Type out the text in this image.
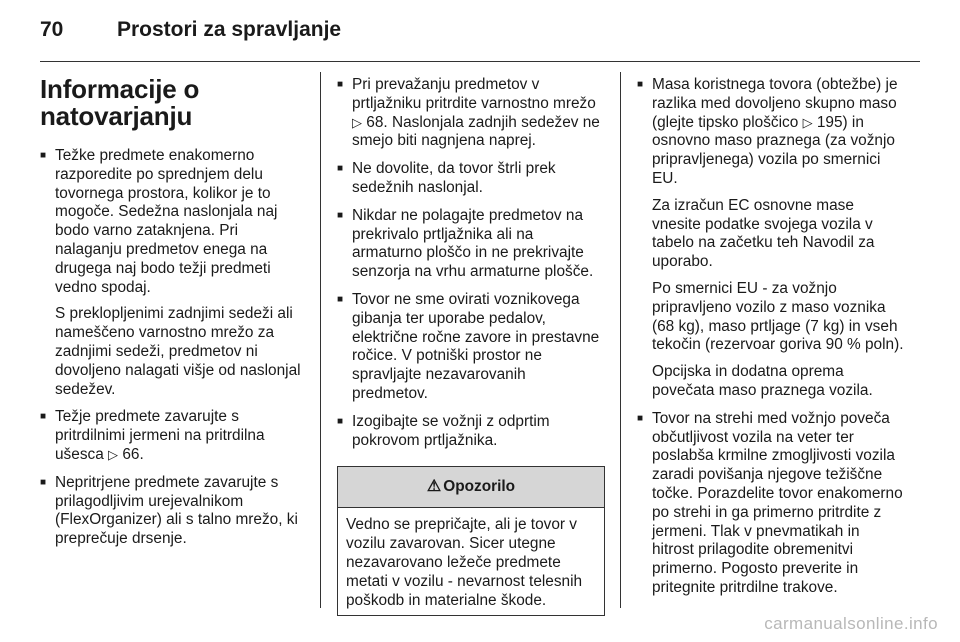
70	Prostori za spravljanje
Informacije o
natovarjanju

■ Težke predmete enakomerno razporedite po sprednjem delu tovornega prostora, kolikor je to mogoče. Sedežna naslonjala naj bodo varno zataknjena. Pri nalaganju predmetov enega na drugega naj bodo težji predmeti vedno spodaj.

S preklopljenimi zadnjimi sedeži ali nameščeno varnostno mrežo za zadnjimi sedeži, predmetov ni dovoljeno nalagati višje od naslonjal sedežev.

■ Težje predmete zavarujte s pritrdilnimi jermeni na pritrdilna ušesca ▷ 66.

■ Nepritrjene predmete zavarujte s prilagodljivim urejevalnikom (FlexOrganizer) ali s talno mrežo, ki preprečuje drsenje.

■ Pri prevažanju predmetov v prtljažniku pritrdite varnostno mrežo ▷ 68. Naslonjala zadnjih sedežev ne smejo biti nagnjena naprej.

■ Ne dovolite, da tovor štrli prek sedežnih naslonjal.

■ Nikdar ne polagajte predmetov na prekrivalo prtljažnika ali na armaturno ploščo in ne prekrivajte senzorja na vrhu armaturne plošče.

■ Tovor ne sme ovirati voznikovega gibanja ter uporabe pedalov, električne ročne zavore in prestavne ročice. V potniški prostor ne spravljajte nezavarovanih predmetov.

■ Izogibajte se vožnji z odprtim pokrovom prtljažnika.

⚠ Opozorilo
Vedno se prepričajte, ali je tovor v vozilu zavarovan. Sicer utegne nezavarovano ležeče predmete metati v vozilu - nevarnost telesnih poškodb in materialne škode.

■ Masa koristnega tovora (obtežbe) je razlika med dovoljeno skupno maso (glejte tipsko ploščico ▷ 195) in osnovno maso praznega (za vožnjo pripravljenega) vozila po smernici EU.

Za izračun EC osnovne mase vnesite podatke svojega vozila v tabelo na začetku teh Navodil za uporabo.

Po smernici EU - za vožnjo pripravljeno vozilo z maso voznika (68 kg), maso prtljage (7 kg) in vseh tekočin (rezervoar goriva 90 % poln).

Opcijska in dodatna oprema povečata maso praznega vozila.

■ Tovor na strehi med vožnjo poveča občutljivost vozila na veter ter poslabša krmilne zmogljivosti vozila zaradi povišanja njegove težiščne točke. Porazdelite tovor enakomerno po strehi in ga primerno pritrdite z jermeni. Tlak v pnevmatikah in hitrost prilagodite obremenitvi primerno. Pogosto preverite in pritegnite pritrdilne trakove.

carmanualsonline.info
